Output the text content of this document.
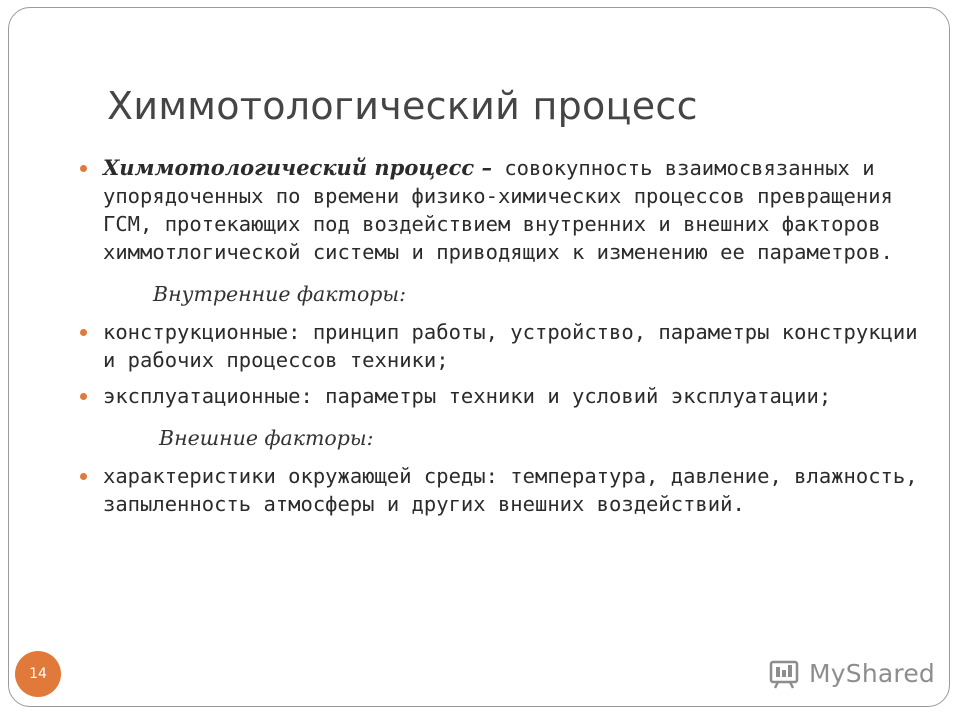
Химмотологический процесс

Химмотологический процесс – совокупность взаимосвязанных и упорядоченных по времени физико-химических процессов превращения ГСМ, протекающих под воздействием внутренних и внешних факторов химмотлогической системы и приводящих к изменению ее параметров.

Внутренние факторы:

конструкционные: принцип работы, устройство, параметры конструкции и рабочих процессов техники;

эксплуатационные: параметры техники и условий эксплуатации;

Внешние факторы:

характеристики окружающей среды: температура, давление, влажность, запыленность атмосферы и других внешних воздействий.

14	MyShared
